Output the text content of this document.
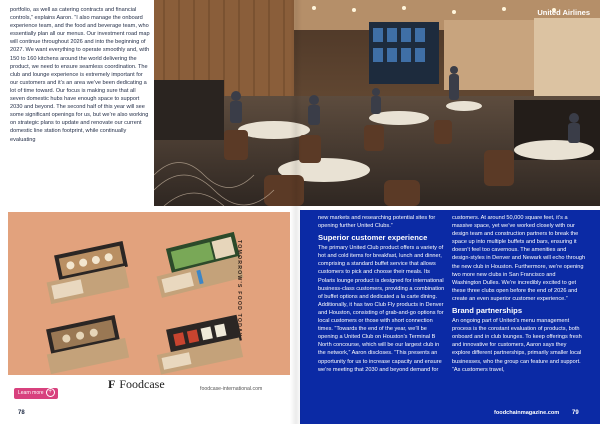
portfolio, as well as catering contracts and financial controls,” explains Aaron. “I also manage the onboard experience team, and the food and beverage team, who essentially plan all our menus. Our investment road map will continue throughout 2026 and into the beginning of 2027. We want everything to operate smoothly and, with 150 to 160 kitchens around the world delivering the product, we need to ensure seamless coordination. The club and lounge experience is extremely important for our customers and it’s an area we’ve been dedicating a lot of time toward. Our focus is making sure that all seven domestic hubs have enough space to support 2030 and beyond. The second half of this year will see some significant openings for us, but we’re also working on strategic plans to update and renovate our current domestic line station footprint, while continually evaluating
United Airlines
TOMORROW'S FOOD TODAY
F Foodcase	foodcase-international.com
Learn more +
new markets and researching potential sites for opening further United Clubs.”
Superior customer experience
The primary United Club product offers a variety of hot and cold items for breakfast, lunch and dinner, comprising a standard buffet service that allows customers to pick and choose their meals. Its Polaris lounge product is designed for international business-class customers, providing a combination of buffet options and dedicated a la carte dining. Additionally, it has two Club Fly products in Denver and Houston, consisting of grab-and-go options for local customers or those with short connection times. “Towards the end of the year, we’ll be opening a United Club on Houston’s Terminal B North concourse, which will be our largest club in the network,” Aaron discloses. “This presents an opportunity for us to increase capacity and ensure we’re meeting that 2030 and beyond demand for
customers. At around 50,000 square feet, it’s a massive space, yet we’ve worked closely with our design team and construction partners to break the space up into multiple buffets and bars, ensuring it doesn’t feel too cavernous. The amenities and design-styles in Denver and Newark will echo through the new club in Houston. Furthermore, we’re opening two more new clubs in San Francisco and Washington Dulles. We’re incredibly excited to get these three clubs open before the end of 2026 and create an even superior customer experience.”
Brand partnerships
An ongoing part of United’s menu management process is the constant evaluation of products, both onboard and in club lounges. To keep offerings fresh and innovative for customers, Aaron says they explore different partnerships, primarily smaller local businesses, who the group can feature and support. “As customers travel,
78	foodchainmagazine.com 79
